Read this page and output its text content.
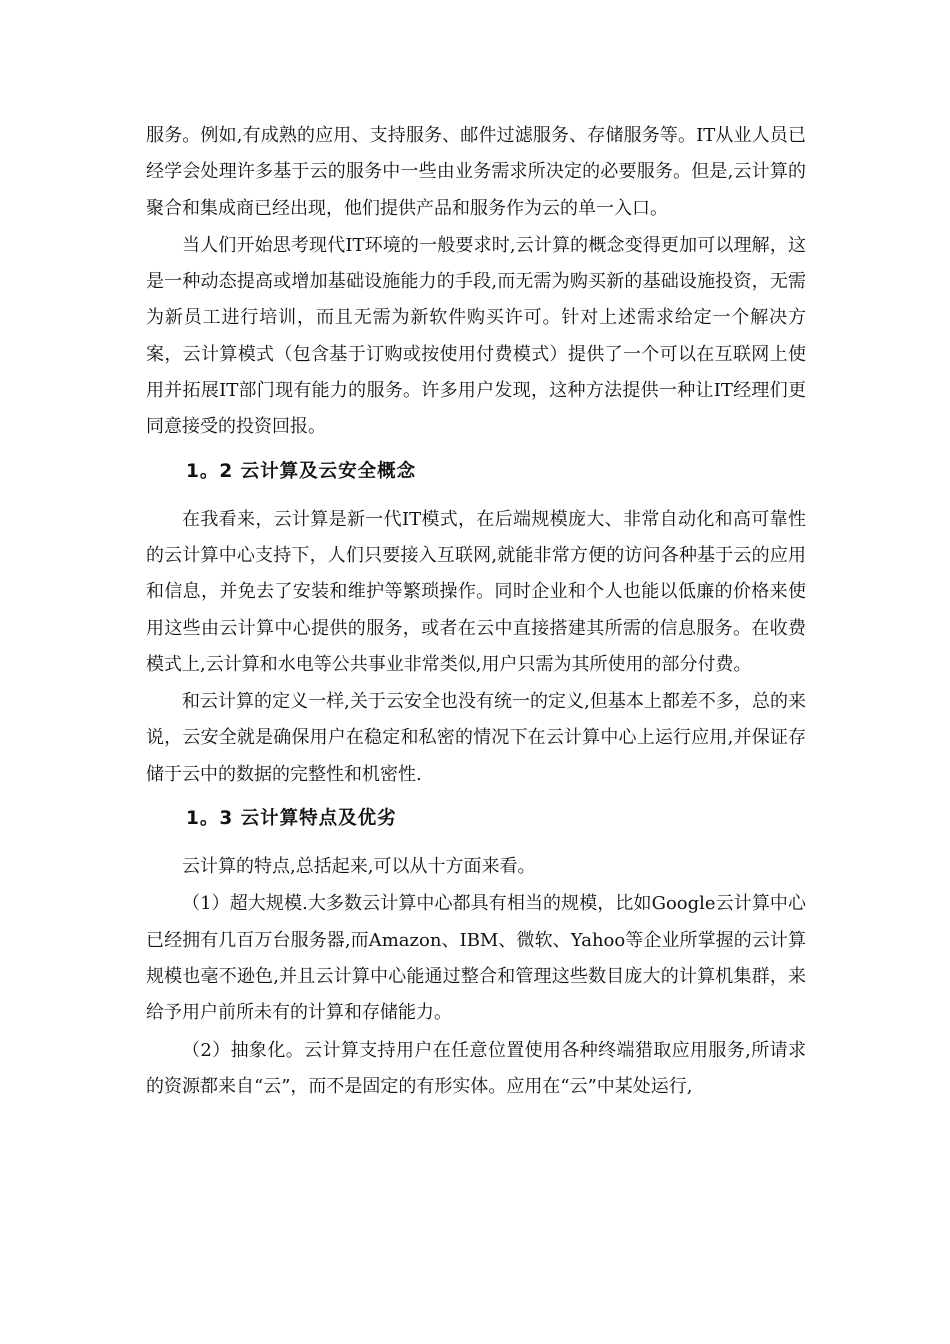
服务。例如,有成熟的应用、支持服务、邮件过滤服务、存储服务等。IT从业人员已经学会处理许多基于云的服务中一些由业务需求所决定的必要服务。但是,云计算的聚合和集成商已经出现，他们提供产品和服务作为云的单一入口。

当人们开始思考现代IT环境的一般要求时,云计算的概念变得更加可以理解，这是一种动态提高或增加基础设施能力的手段,而无需为购买新的基础设施投资，无需为新员工进行培训，而且无需为新软件购买许可。针对上述需求给定一个解决方案，云计算模式（包含基于订购或按使用付费模式）提供了一个可以在互联网上使用并拓展IT部门现有能力的服务。许多用户发现，这种方法提供一种让IT经理们更同意接受的投资回报。

1。2 云计算及云安全概念

在我看来，云计算是新一代IT模式，在后端规模庞大、非常自动化和高可靠性的云计算中心支持下，人们只要接入互联网,就能非常方便的访问各种基于云的应用和信息，并免去了安装和维护等繁琐操作。同时企业和个人也能以低廉的价格来使用这些由云计算中心提供的服务，或者在云中直接搭建其所需的信息服务。在收费模式上,云计算和水电等公共事业非常类似,用户只需为其所使用的部分付费。

和云计算的定义一样,关于云安全也没有统一的定义,但基本上都差不多，总的来说，云安全就是确保用户在稳定和私密的情况下在云计算中心上运行应用,并保证存储于云中的数据的完整性和机密性.

1。3 云计算特点及优劣

云计算的特点,总括起来,可以从十方面来看。

（1）超大规模.大多数云计算中心都具有相当的规模，比如Google云计算中心已经拥有几百万台服务器,而Amazon、IBM、微软、Yahoo等企业所掌握的云计算规模也毫不逊色,并且云计算中心能通过整合和管理这些数目庞大的计算机集群，来给予用户前所未有的计算和存储能力。

（2）抽象化。云计算支持用户在任意位置使用各种终端猎取应用服务,所请求的资源都来自“云”，而不是固定的有形实体。应用在“云”中某处运行,
